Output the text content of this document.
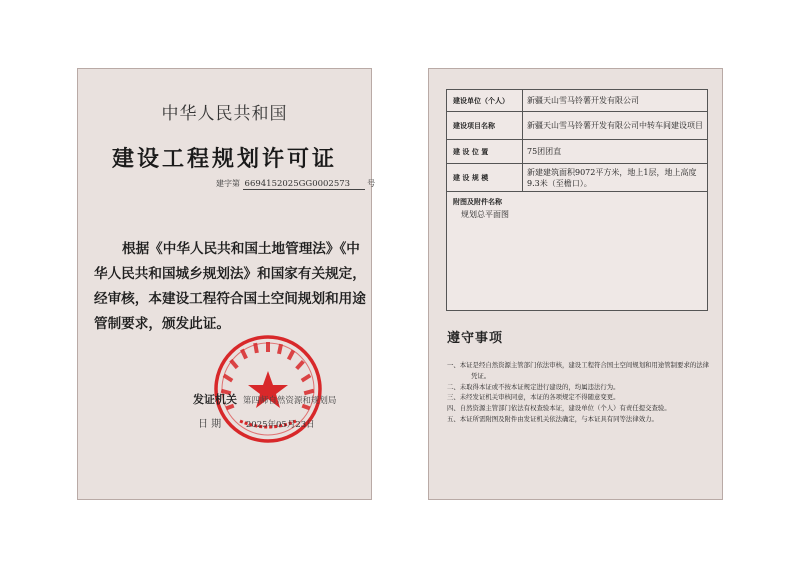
中华人民共和国
建设工程规划许可证
建字第 6694152025GG0002573 号
根据《中华人民共和国土地管理法》《中华人民共和国城乡规划法》和国家有关规定，经审核，本建设工程符合国土空间规划和用途管制要求，颁发此证。
发证机关 第四师自然资源和规划局
日 期	2025年05月23日
建设单位（个人）	新疆天山雪马铃薯开发有限公司
建设项目名称	新疆天山雪马铃薯开发有限公司中转车间建设项目
建 设 位 置	75团团直
建 设 规 模	新建建筑面积9072平方米，地上1层，地上高度9.3米（至檐口）。

附图及附件名称
规划总平面图	
遵守事项
一、本证是经自然资源主管部门依法审核，建设工程符合国土空间规划和用途管制要求的法律凭证。
二、未取得本证或不按本证规定进行建设的，均属违法行为。
三、未经发证机关审核同意，本证的各项规定不得随意变更。
四、自然资源主管部门依法有权查验本证，建设单位（个人）有责任提交查验。
五、本证所需附图及附件由发证机关依法确定，与本证具有同等法律效力。
